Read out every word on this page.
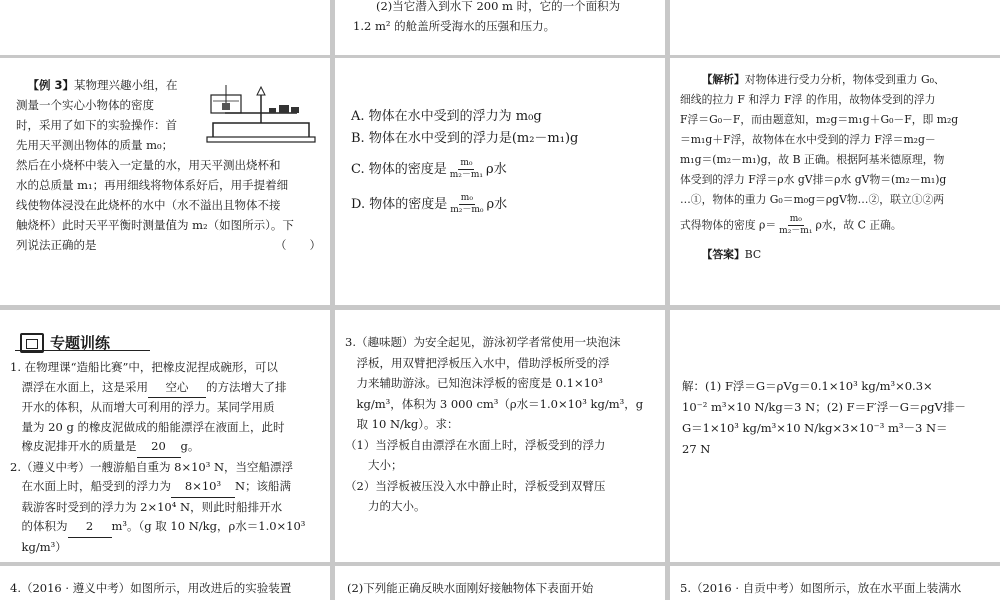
(2)当它潜入到水下 200 m 时，它的一个面积为

1.2 m² 的舱盖所受海水的压强和压力。

【例 3】某物理兴趣小组，在

测量一个实心小物体的密度

时，采用了如下的实验操作：首

先用天平测出物体的质量 m₀；

然后在小烧杯中装入一定量的水，用天平测出烧杯和

水的总质量 m₁；再用细线将物体系好后，用手提着细

线使物体浸没在此烧杯的水中（水不溢出且物体不接

触烧杯）此时天平平衡时测量值为 m₂（如图所示）。下

列说法正确的是	（　　）

A. 物体在水中受到的浮力为 m₀g

B. 物体在水中受到的浮力是(m₂－m₁)g

C. 物体的密度是 $\frac{\text{m₀}}{\text{m₂－m₁}}$ ρ水

D. 物体的密度是 $\frac{\text{m₀}}{\text{m₂－m₀}}$ ρ水

【解析】对物体进行受力分析，物体受到重力 G₀、

细线的拉力 F 和浮力 F浮 的作用，故物体受到的浮力

F浮＝G₀－F，而由题意知，m₂g＝m₁g＋G₀－F，即 m₂g

＝m₁g＋F浮，故物体在水中受到的浮力 F浮＝m₂g－

m₁g＝(m₂－m₁)g，故 B 正确。根据阿基米德原理，物

体受到的浮力 F浮＝ρ水 gV排＝ρ水 gV物＝(m₂－m₁)g

…①，物体的重力 G₀＝m₀g＝ρgV物…②，联立①②两

式得物体的密度 $\rho= \frac{\text{m₀}}{\text{m₂－m₁}}$ ρ水，故 C 正确。

【答案】BC

专题训练

1. 在物理课“造船比赛”中，把橡皮泥捏成碗形，可以

漂浮在水面上，这是采用 空心 的方法增大了排

开水的体积，从而增大可利用的浮力。某同学用质

量为 20 g 的橡皮泥做成的船能漂浮在液面上，此时

橡皮泥排开水的质量是 20 g。

2.（遵义中考）一艘游船自重为 8×10³ N，当空船漂浮

在水面上时，船受到的浮力为 8×10³ N；该船满

载游客时受到的浮力为 2×10⁴ N，则此时船排开水

的体积为 2 m³。（g 取 10 N/kg，ρ水＝1.0×10³

kg/m³）

3.（趣味题）为安全起见，游泳初学者常使用一块泡沫

浮板，用双臂把浮板压入水中，借助浮板所受的浮

力来辅助游泳。已知泡沫浮板的密度是 0.1×10³

kg/m³，体积为 3 000 cm³（ρ水＝1.0×10³ kg/m³，g

取 10 N/kg）。求：

（1）当浮板自由漂浮在水面上时，浮板受到的浮力

　　大小；

（2）当浮板被压没入水中静止时，浮板受到双臂压

　　力的大小。

解：(1) F浮＝G＝ρVg＝0.1×10³ kg/m³×0.3×

10⁻² m³×10 N/kg＝3 N；(2) F＝F′浮－G＝ρgV排－

G＝1×10³ kg/m³×10 N/kg×3×10⁻³ m³－3 N＝

27 N

4.（2016 · 遵义中考）如图所示，用改进后的实验装置	(2)下列能正确反映水面刚好接触物体下表面开始	5.（2016 · 自贡中考）如图所示，放在水平面上装满水
